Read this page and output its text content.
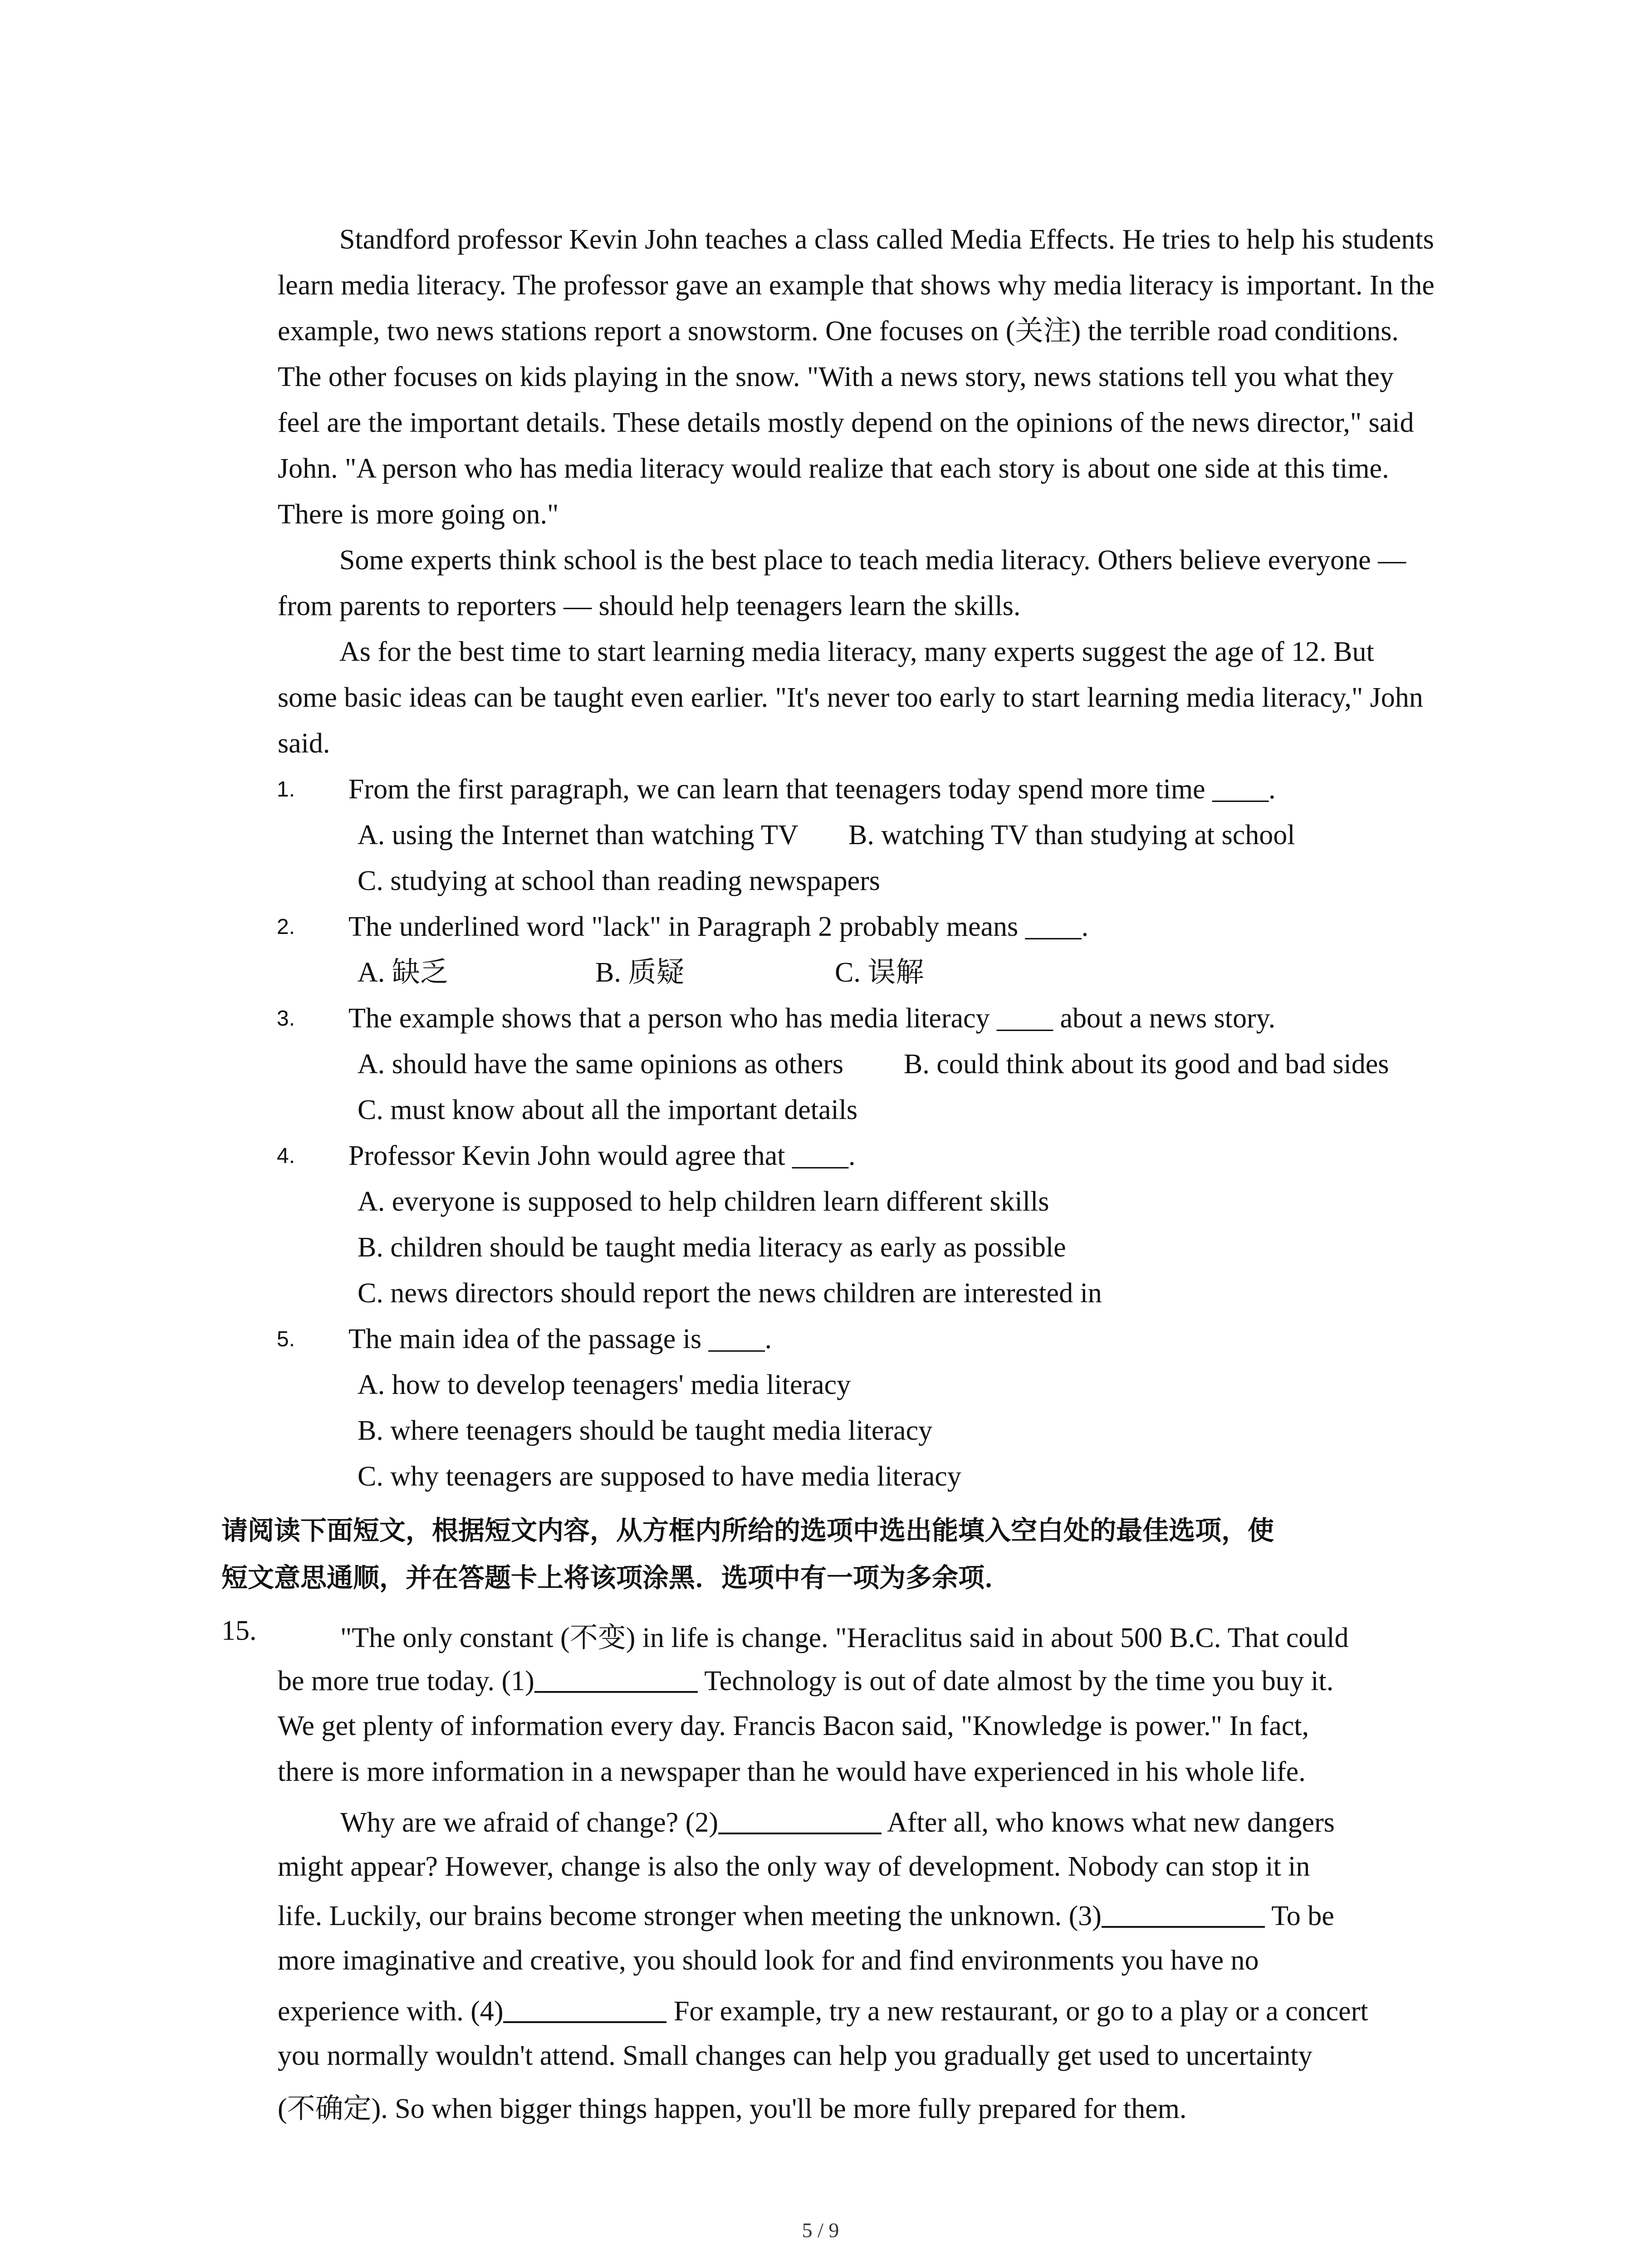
Standford professor Kevin John teaches a class called Media Effects. He tries to help his students learn media literacy. The professor gave an example that shows why media literacy is important. In the example, two news stations report a snowstorm. One focuses on (关注) the terrible road conditions. The other focuses on kids playing in the snow. "With a news story, news stations tell you what they feel are the important details. These details mostly depend on the opinions of the news director," said John. "A person who has media literacy would realize that each story is about one side at this time. There is more going on."

Some experts think school is the best place to teach media literacy. Others believe everyone — from parents to reporters — should help teenagers learn the skills.

As for the best time to start learning media literacy, many experts suggest the age of 12. But some basic ideas can be taught even earlier. "It's never too early to start learning media literacy," John said.

1. From the first paragraph, we can learn that teenagers today spend more time ____.
A. using the Internet than watching TV B. watching TV than studying at school
C. studying at school than reading newspapers
2. The underlined word "lack" in Paragraph 2 probably means ____.
A. 缺乏	B. 质疑	C. 误解
3. The example shows that a person who has media literacy ____ about a news story.
A. should have the same opinions as others B. could think about its good and bad sides
C. must know about all the important details
4. Professor Kevin John would agree that ____.
A. everyone is supposed to help children learn different skills
B. children should be taught media literacy as early as possible
C. news directors should report the news children are interested in
5. The main idea of the passage is ____.
A. how to develop teenagers' media literacy
B. where teenagers should be taught media literacy
C. why teenagers are supposed to have media literacy

请阅读下面短文，根据短文内容，从方框内所给的选项中选出能填入空白处的最佳选项，使

短文意思通顺，并在答题卡上将该项涂黑．选项中有一项为多余项．

15.	"The only constant (不变) in life is change. "Heraclitus said in about 500 B.C. That could
be more true today. (1)	Technology is out of date almost by the time you buy it.
We get plenty of information every day. Francis Bacon said, "Knowledge is power." In fact,
there is more information in a newspaper than he would have experienced in his whole life.
Why are we afraid of change? (2)	After all, who knows what new dangers
might appear? However, change is also the only way of development. Nobody can stop it in
life. Luckily, our brains become stronger when meeting the unknown. (3)	To be
more imaginative and creative, you should look for and find environments you have no
experience with. (4)	For example, try a new restaurant, or go to a play or a concert
you normally wouldn't attend. Small changes can help you gradually get used to uncertainty
(不确定). So when bigger things happen, you'll be more fully prepared for them.
5 / 9
